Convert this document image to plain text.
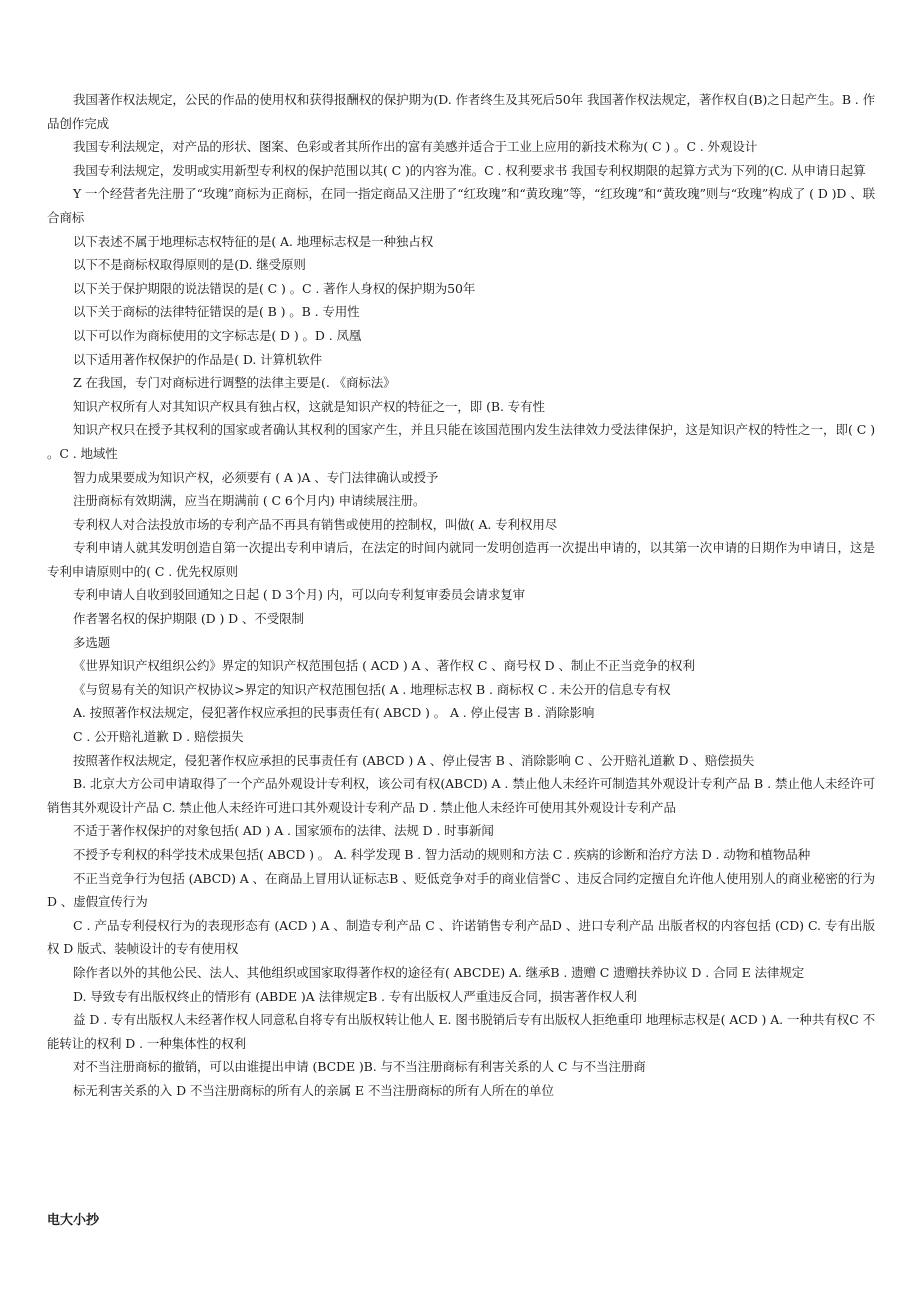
我国著作权法规定，公民的作品的使用权和获得报酬权的保护期为(D. 作者终生及其死后50年 我国著作权法规定，著作权自(B)之日起产生。B . 作品创作完成

我国专利法规定，对产品的形状、图案、色彩或者其所作出的富有美感并适合于工业上应用的新技术称为( C ) 。C . 外观设计

我国专利法规定，发明或实用新型专利权的保护范围以其( C )的内容为准。C . 权利要求书 我国专利权期限的起算方式为下列的(C. 从申请日起算

Y 一个经营者先注册了“玫瑰”商标为正商标，在同一指定商品又注册了“红玫瑰”和“黄玫瑰”等，“红玫瑰”和“黄玫瑰”则与“玫瑰”构成了 ( D )D 、联合商标

以下表述不属于地理标志权特征的是( A. 地理标志权是一种独占权

以下不是商标权取得原则的是(D. 继受原则

以下关于保护期限的说法错误的是( C ) 。C . 著作人身权的保护期为50年

以下关于商标的法律特征错误的是( B ) 。B . 专用性

以下可以作为商标使用的文字标志是( D ) 。D . 凤凰

以下适用著作权保护的作品是( D. 计算机软件

Z 在我国，专门对商标进行调整的法律主要是(. 《商标法》

知识产权所有人对其知识产权具有独占权，这就是知识产权的特征之一，即 (B. 专有性

知识产权只在授予其权利的国家或者确认其权利的国家产生，并且只能在该国范围内发生法律效力受法律保护，这是知识产权的特性之一，即( C ) 。C . 地域性

智力成果要成为知识产权，必须要有 ( A )A 、专门法律确认或授予

注册商标有效期满，应当在期满前 ( C 6个月内) 申请续展注册。

专利权人对合法投放市场的专利产品不再具有销售或使用的控制权，叫做( A. 专利权用尽

专利申请人就其发明创造自第一次提出专利申请后，在法定的时间内就同一发明创造再一次提出申请的，以其第一次申请的日期作为申请日，这是专利申请原则中的( C . 优先权原则

专利申请人自收到驳回通知之日起 ( D 3个月) 内，可以向专利复审委员会请求复审

作者署名权的保护期限 (D ) D 、不受限制

多选题

《世界知识产权组织公约》界定的知识产权范围包括 ( ACD ) A 、著作权 C 、商号权 D 、制止不正当竞争的权利

《与贸易有关的知识产权协议>界定的知识产权范围包括( A . 地理标志权 B . 商标权 C . 未公开的信息专有权

A. 按照著作权法规定，侵犯著作权应承担的民事责任有( ABCD ) 。 A . 停止侵害 B . 消除影响

C . 公开赔礼道歉 D . 赔偿损失

按照著作权法规定，侵犯著作权应承担的民事责任有 (ABCD ) A 、停止侵害 B 、消除影响 C 、公开赔礼道歉 D 、赔偿损失

B. 北京大方公司申请取得了一个产品外观设计专利权，该公司有权(ABCD) A . 禁止他人未经许可制造其外观设计专利产品 B . 禁止他人未经许可销售其外观设计产品 C. 禁止他人未经许可进口其外观设计专利产品 D . 禁止他人未经许可使用其外观设计专利产品

不适于著作权保护的对象包括( AD ) A . 国家颁布的法律、法规 D . 时事新闻

不授予专利权的科学技术成果包括( ABCD ) 。 A. 科学发现 B . 智力活动的规则和方法 C . 疾病的诊断和治疗方法 D . 动物和植物品种

不正当竞争行为包括 (ABCD) A 、在商品上冒用认证标志B 、贬低竞争对手的商业信誉C 、违反合同约定擅自允许他人使用别人的商业秘密的行为 D 、虚假宣传行为

C . 产品专利侵权行为的表现形态有 (ACD ) A 、制造专利产品 C 、许诺销售专利产品D 、进口专利产品 出版者权的内容包括 (CD) C. 专有出版权 D 版式、装帧设计的专有使用权

除作者以外的其他公民、法人、其他组织或国家取得著作权的途径有( ABCDE) A. 继承B . 遗赠 C 遗赠扶养协议 D . 合同 E 法律规定

D. 导致专有出版权终止的情形有 (ABDE )A 法律规定B . 专有出版权人严重违反合同，损害著作权人利

益 D . 专有出版权人未经著作权人同意私自将专有出版权转让他人 E. 图书脱销后专有出版权人拒绝重印 地理标志权是( ACD ) A. 一种共有权C 不能转让的权利 D . 一种集体性的权利

对不当注册商标的撤销，可以由谁提出申请 (BCDE )B. 与不当注册商标有利害关系的人 C 与不当注册商

标无利害关系的入 D 不当注册商标的所有人的亲属 E 不当注册商标的所有人所在的单位

电大小抄
